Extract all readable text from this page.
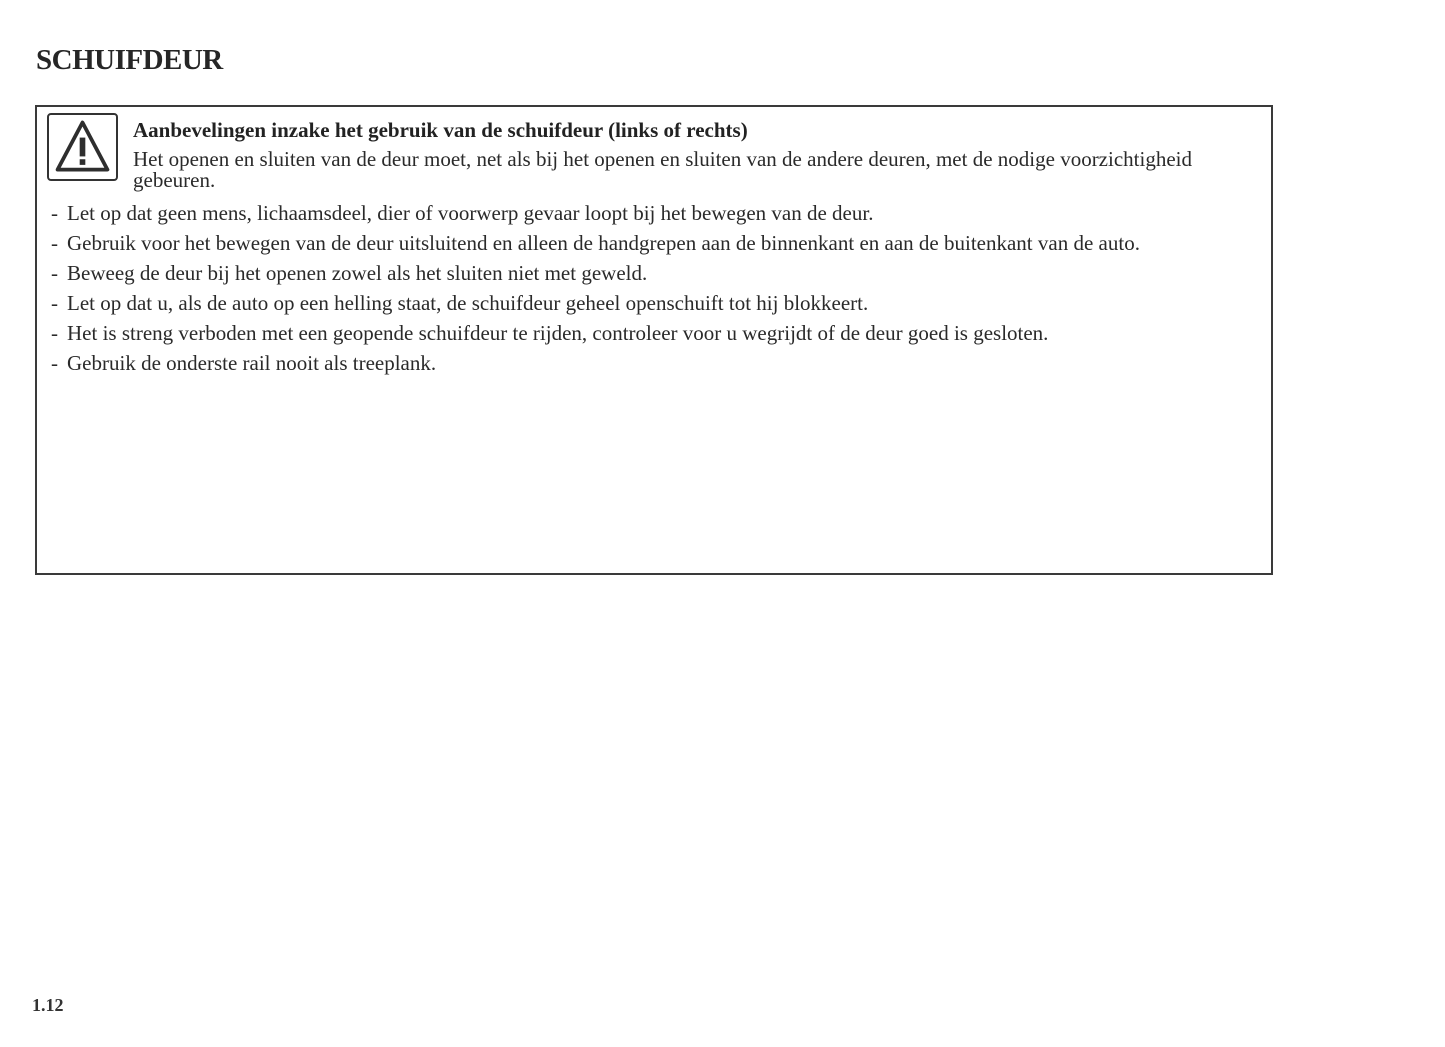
SCHUIFDEUR

Aanbevelingen inzake het gebruik van de schuifdeur (links of rechts)

Het openen en sluiten van de deur moet, net als bij het openen en sluiten van de andere deuren, met de nodige voorzichtigheid gebeuren.

- Let op dat geen mens, lichaamsdeel, dier of voorwerp gevaar loopt bij het bewegen van de deur.
- Gebruik voor het bewegen van de deur uitsluitend en alleen de handgrepen aan de binnenkant en aan de buitenkant van de auto.
- Beweeg de deur bij het openen zowel als het sluiten niet met geweld.
- Let op dat u, als de auto op een helling staat, de schuifdeur geheel openschuift tot hij blokkeert.
- Het is streng verboden met een geopende schuifdeur te rijden, controleer voor u wegrijdt of de deur goed is gesloten.
- Gebruik de onderste rail nooit als treeplank.
1.12
